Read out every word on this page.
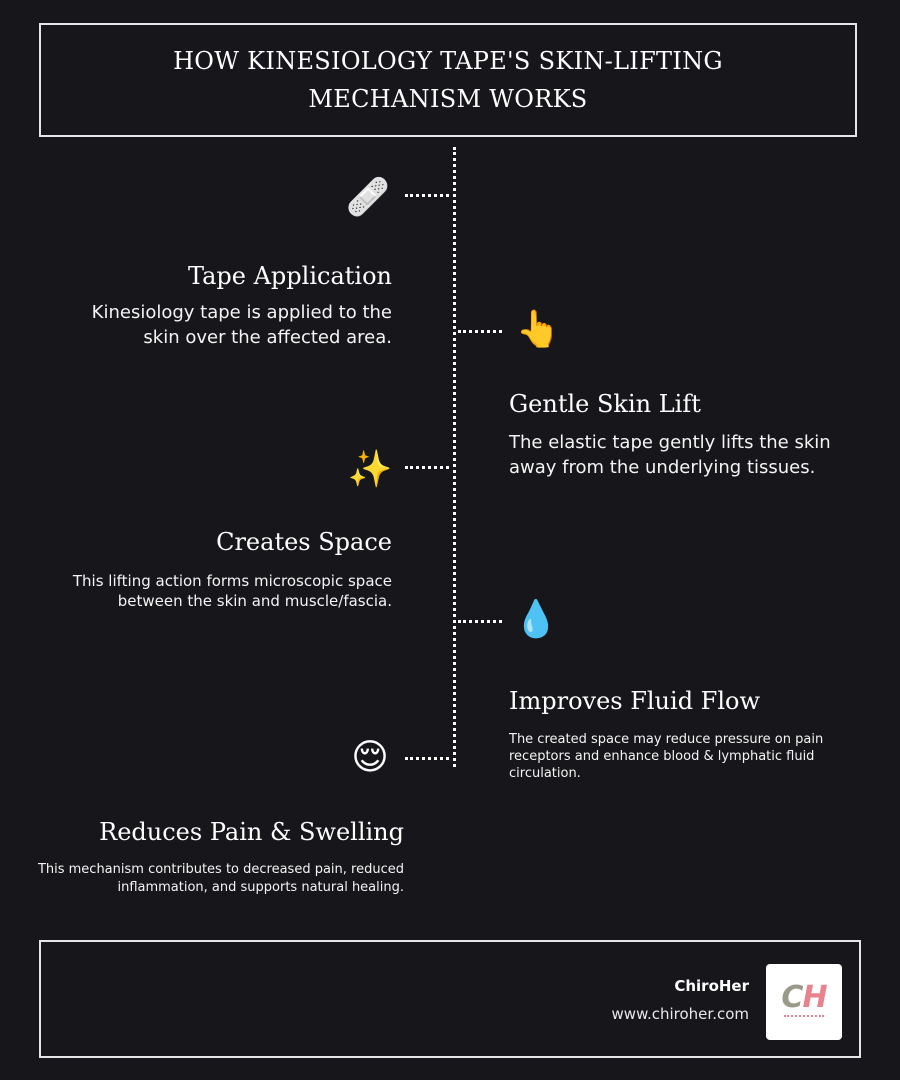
HOW KINESIOLOGY TAPE'S SKIN-LIFTING MECHANISM WORKS
🩹
Tape Application

Kinesiology tape is applied to the skin over the affected area.	👆
Gentle Skin Lift

The elastic tape gently lifts the skin away from the underlying tissues.

✨
Creates Space

This lifting action forms microscopic space between the skin and muscle/fascia.	💧
Improves Fluid Flow

The created space may reduce pressure on pain receptors and enhance blood & lymphatic fluid circulation.

😌
Reduces Pain & Swelling

This mechanism contributes to decreased pain, reduced inflammation, and supports natural healing.

ChiroHer
www.chiroher.com CH
